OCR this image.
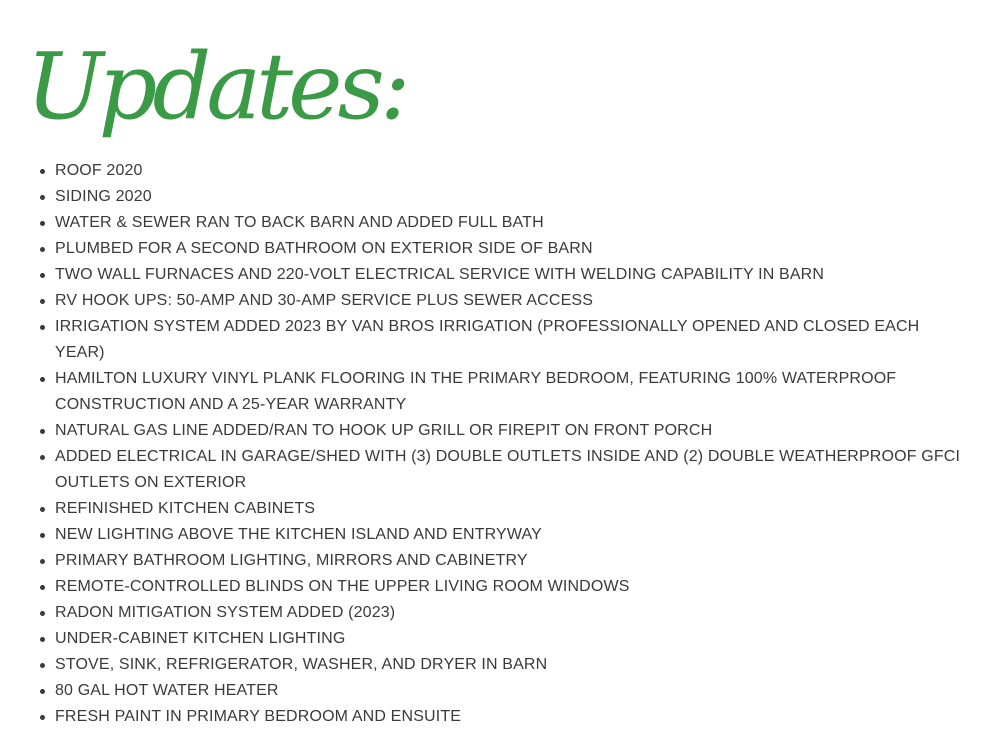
Updates:
ROOF 2020
SIDING 2020
WATER & SEWER RAN TO BACK BARN AND ADDED FULL BATH
PLUMBED FOR A SECOND BATHROOM ON EXTERIOR SIDE OF BARN
TWO WALL FURNACES AND 220-VOLT ELECTRICAL SERVICE WITH WELDING CAPABILITY IN BARN
RV HOOK UPS: 50-AMP AND 30-AMP SERVICE PLUS SEWER ACCESS
IRRIGATION SYSTEM ADDED 2023 BY VAN BROS IRRIGATION (PROFESSIONALLY OPENED AND CLOSED EACH YEAR)
HAMILTON LUXURY VINYL PLANK FLOORING IN THE PRIMARY BEDROOM, FEATURING 100% WATERPROOF CONSTRUCTION AND A 25-YEAR WARRANTY
NATURAL GAS LINE ADDED/RAN TO HOOK UP GRILL OR FIREPIT ON FRONT PORCH
ADDED ELECTRICAL IN GARAGE/SHED WITH (3) DOUBLE OUTLETS INSIDE AND (2) DOUBLE WEATHERPROOF GFCI OUTLETS ON EXTERIOR
REFINISHED KITCHEN CABINETS
NEW LIGHTING ABOVE THE KITCHEN ISLAND AND ENTRYWAY
PRIMARY BATHROOM LIGHTING, MIRRORS AND CABINETRY
REMOTE-CONTROLLED BLINDS ON THE UPPER LIVING ROOM WINDOWS
RADON MITIGATION SYSTEM ADDED (2023)
UNDER-CABINET KITCHEN LIGHTING
STOVE, SINK, REFRIGERATOR, WASHER, AND DRYER IN BARN
80 GAL HOT WATER HEATER
FRESH PAINT IN PRIMARY BEDROOM AND ENSUITE
